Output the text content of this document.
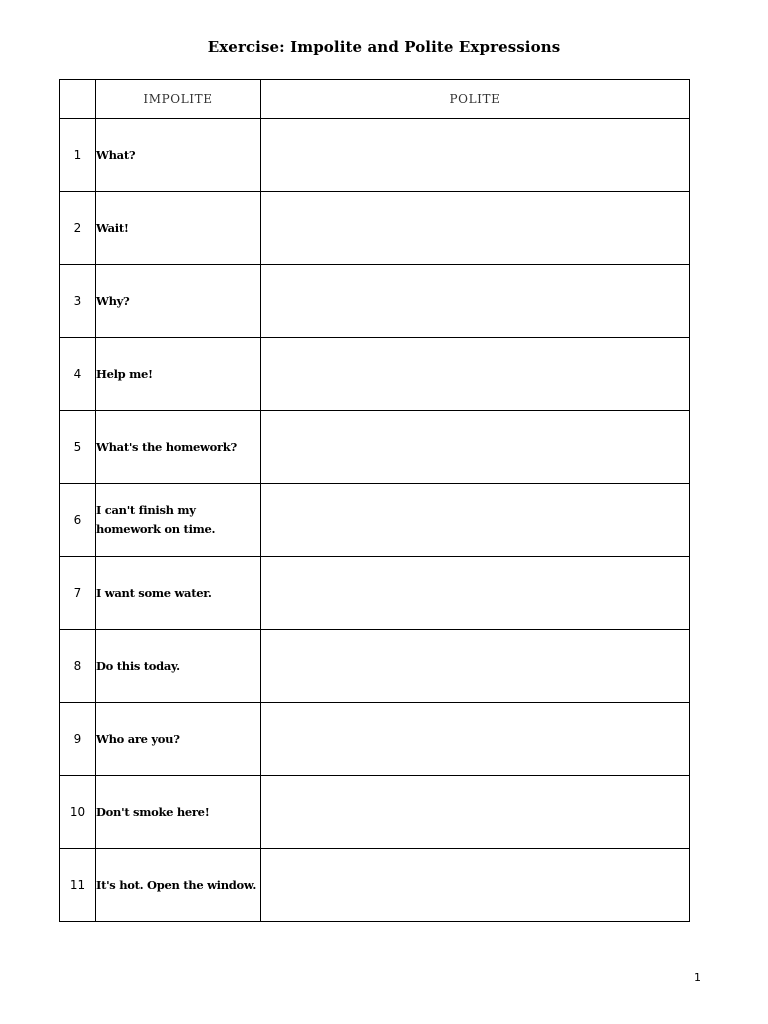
Exercise: Impolite and Polite Expressions
	IMPOLITE	POLITE
1	What?	
2	Wait!	
3	Why?	
4	Help me!	
5	What's the homework?	
6	I can't finish my homework on time.	
7	I want some water.	
8	Do this today.	
9	Who are you?	
10	Don't smoke here!	
11	It's hot. Open the window.	
1
